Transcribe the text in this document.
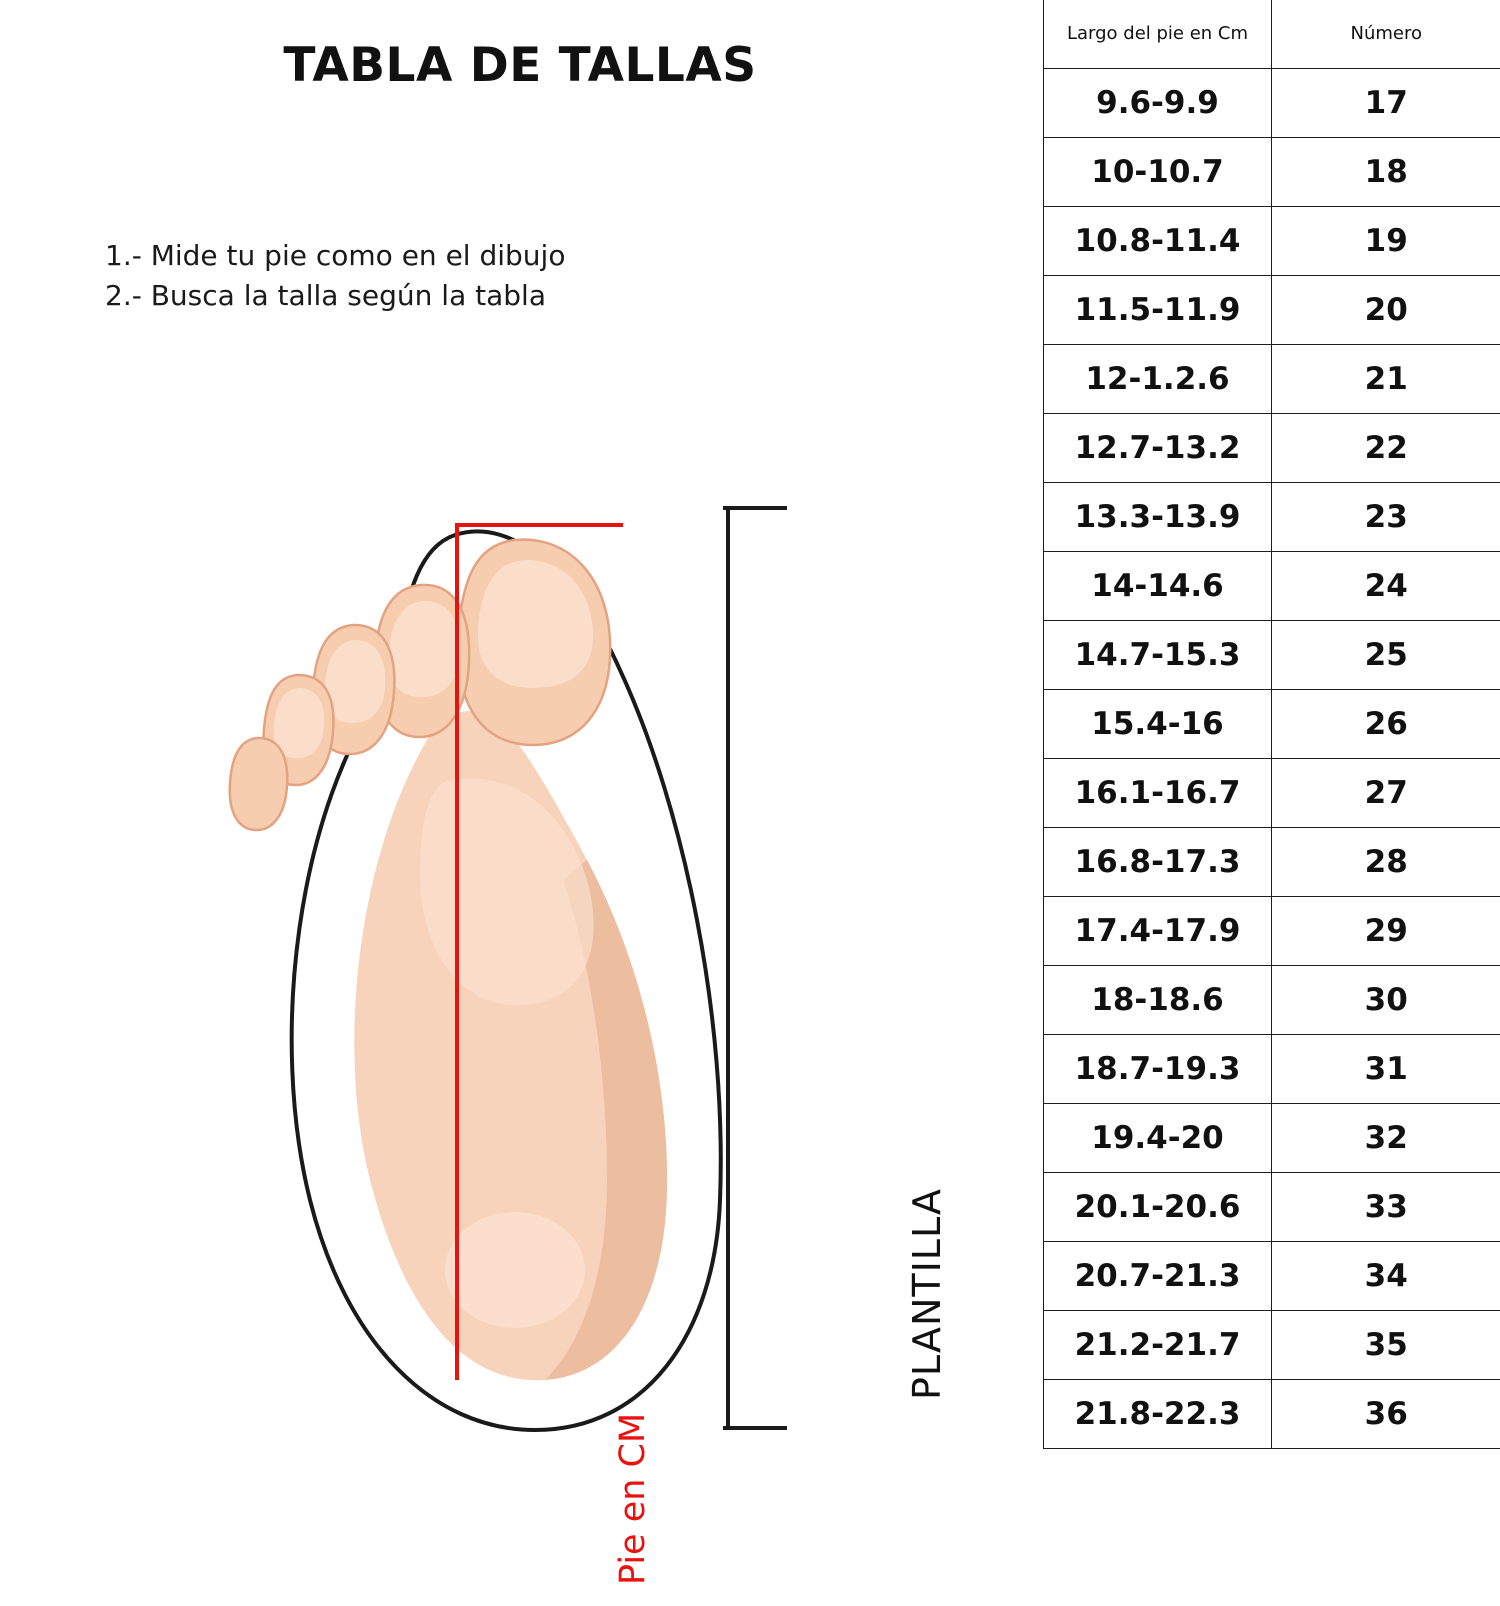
TABLA DE TALLAS
1.- Mide tu pie como en el dibujo
2.- Busca la talla según la tabla
PLANTILLA
Pie en CM
Largo del pie en Cm	Número
9.6-9.9	17
10-10.7	18
10.8-11.4	19
11.5-11.9	20
12-1.2.6	21
12.7-13.2	22
13.3-13.9	23
14-14.6	24
14.7-15.3	25
15.4-16	26
16.1-16.7	27
16.8-17.3	28
17.4-17.9	29
18-18.6	30
18.7-19.3	31
19.4-20	32
20.1-20.6	33
20.7-21.3	34
21.2-21.7	35
21.8-22.3	36
